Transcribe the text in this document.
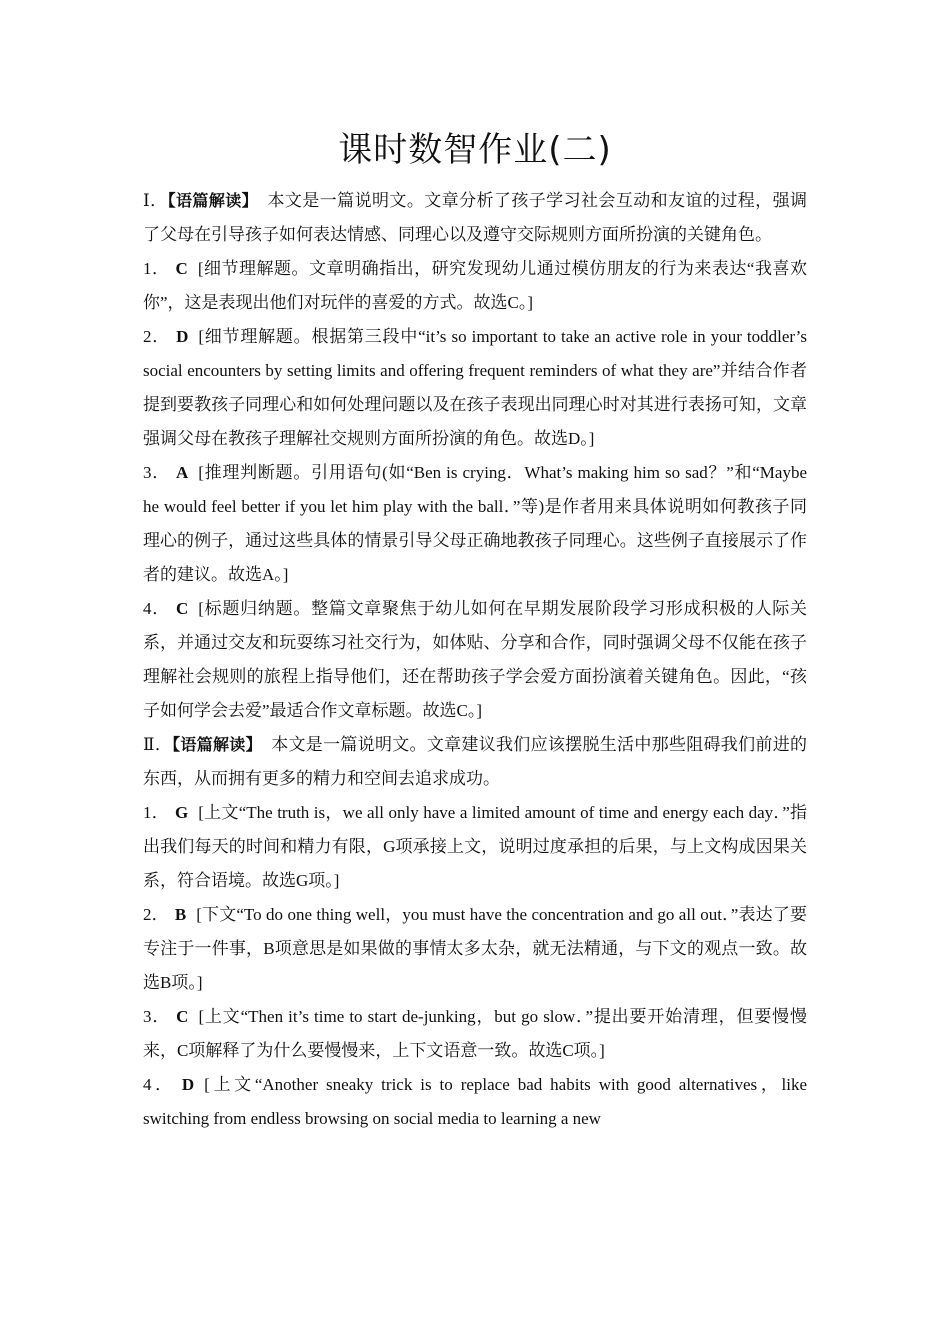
课时数智作业(二)

Ⅰ．【语篇解读】　本文是一篇说明文。文章分析了孩子学习社会互动和友谊的过程，强调了父母在引导孩子如何表达情感、同理心以及遵守交际规则方面所扮演的关键角色。

1． C [细节理解题。文章明确指出，研究发现幼儿通过模仿朋友的行为来表达“我喜欢你”，这是表现出他们对玩伴的喜爱的方式。故选C。]

2． D [细节理解题。根据第三段中“it’s so important to take an active role in your toddler’s social encounters by setting limits and offering frequent reminders of what they are”并结合作者提到要教孩子同理心和如何处理问题以及在孩子表现出同理心时对其进行表扬可知，文章强调父母在教孩子理解社交规则方面所扮演的角色。故选D。]

3． A [推理判断题。引用语句(如“Ben is crying．What’s making him so sad？”和“Maybe he would feel better if you let him play with the ball．”等)是作者用来具体说明如何教孩子同理心的例子，通过这些具体的情景引导父母正确地教孩子同理心。这些例子直接展示了作者的建议。故选A。]

4． C [标题归纳题。整篇文章聚焦于幼儿如何在早期发展阶段学习形成积极的人际关系，并通过交友和玩耍练习社交行为，如体贴、分享和合作，同时强调父母不仅能在孩子理解社会规则的旅程上指导他们，还在帮助孩子学会爱方面扮演着关键角色。因此，“孩子如何学会去爱”最适合作文章标题。故选C。]

Ⅱ．【语篇解读】　本文是一篇说明文。文章建议我们应该摆脱生活中那些阻碍我们前进的东西，从而拥有更多的精力和空间去追求成功。

1． G [上文“The truth is，we all only have a limited amount of time and energy each day．”指出我们每天的时间和精力有限，G项承接上文，说明过度承担的后果，与上文构成因果关系，符合语境。故选G项。]

2． B [下文“To do one thing well，you must have the concentration and go all out．”表达了要专注于一件事，B项意思是如果做的事情太多太杂，就无法精通，与下文的观点一致。故选B项。]

3． C [上文“Then it’s time to start de-junking，but go slow．”提出要开始清理，但要慢慢来，C项解释了为什么要慢慢来，上下文语意一致。故选C项。]

4． D [上文“Another sneaky trick is to replace bad habits with good alternatives，like switching from endless browsing on social media to learning a new
